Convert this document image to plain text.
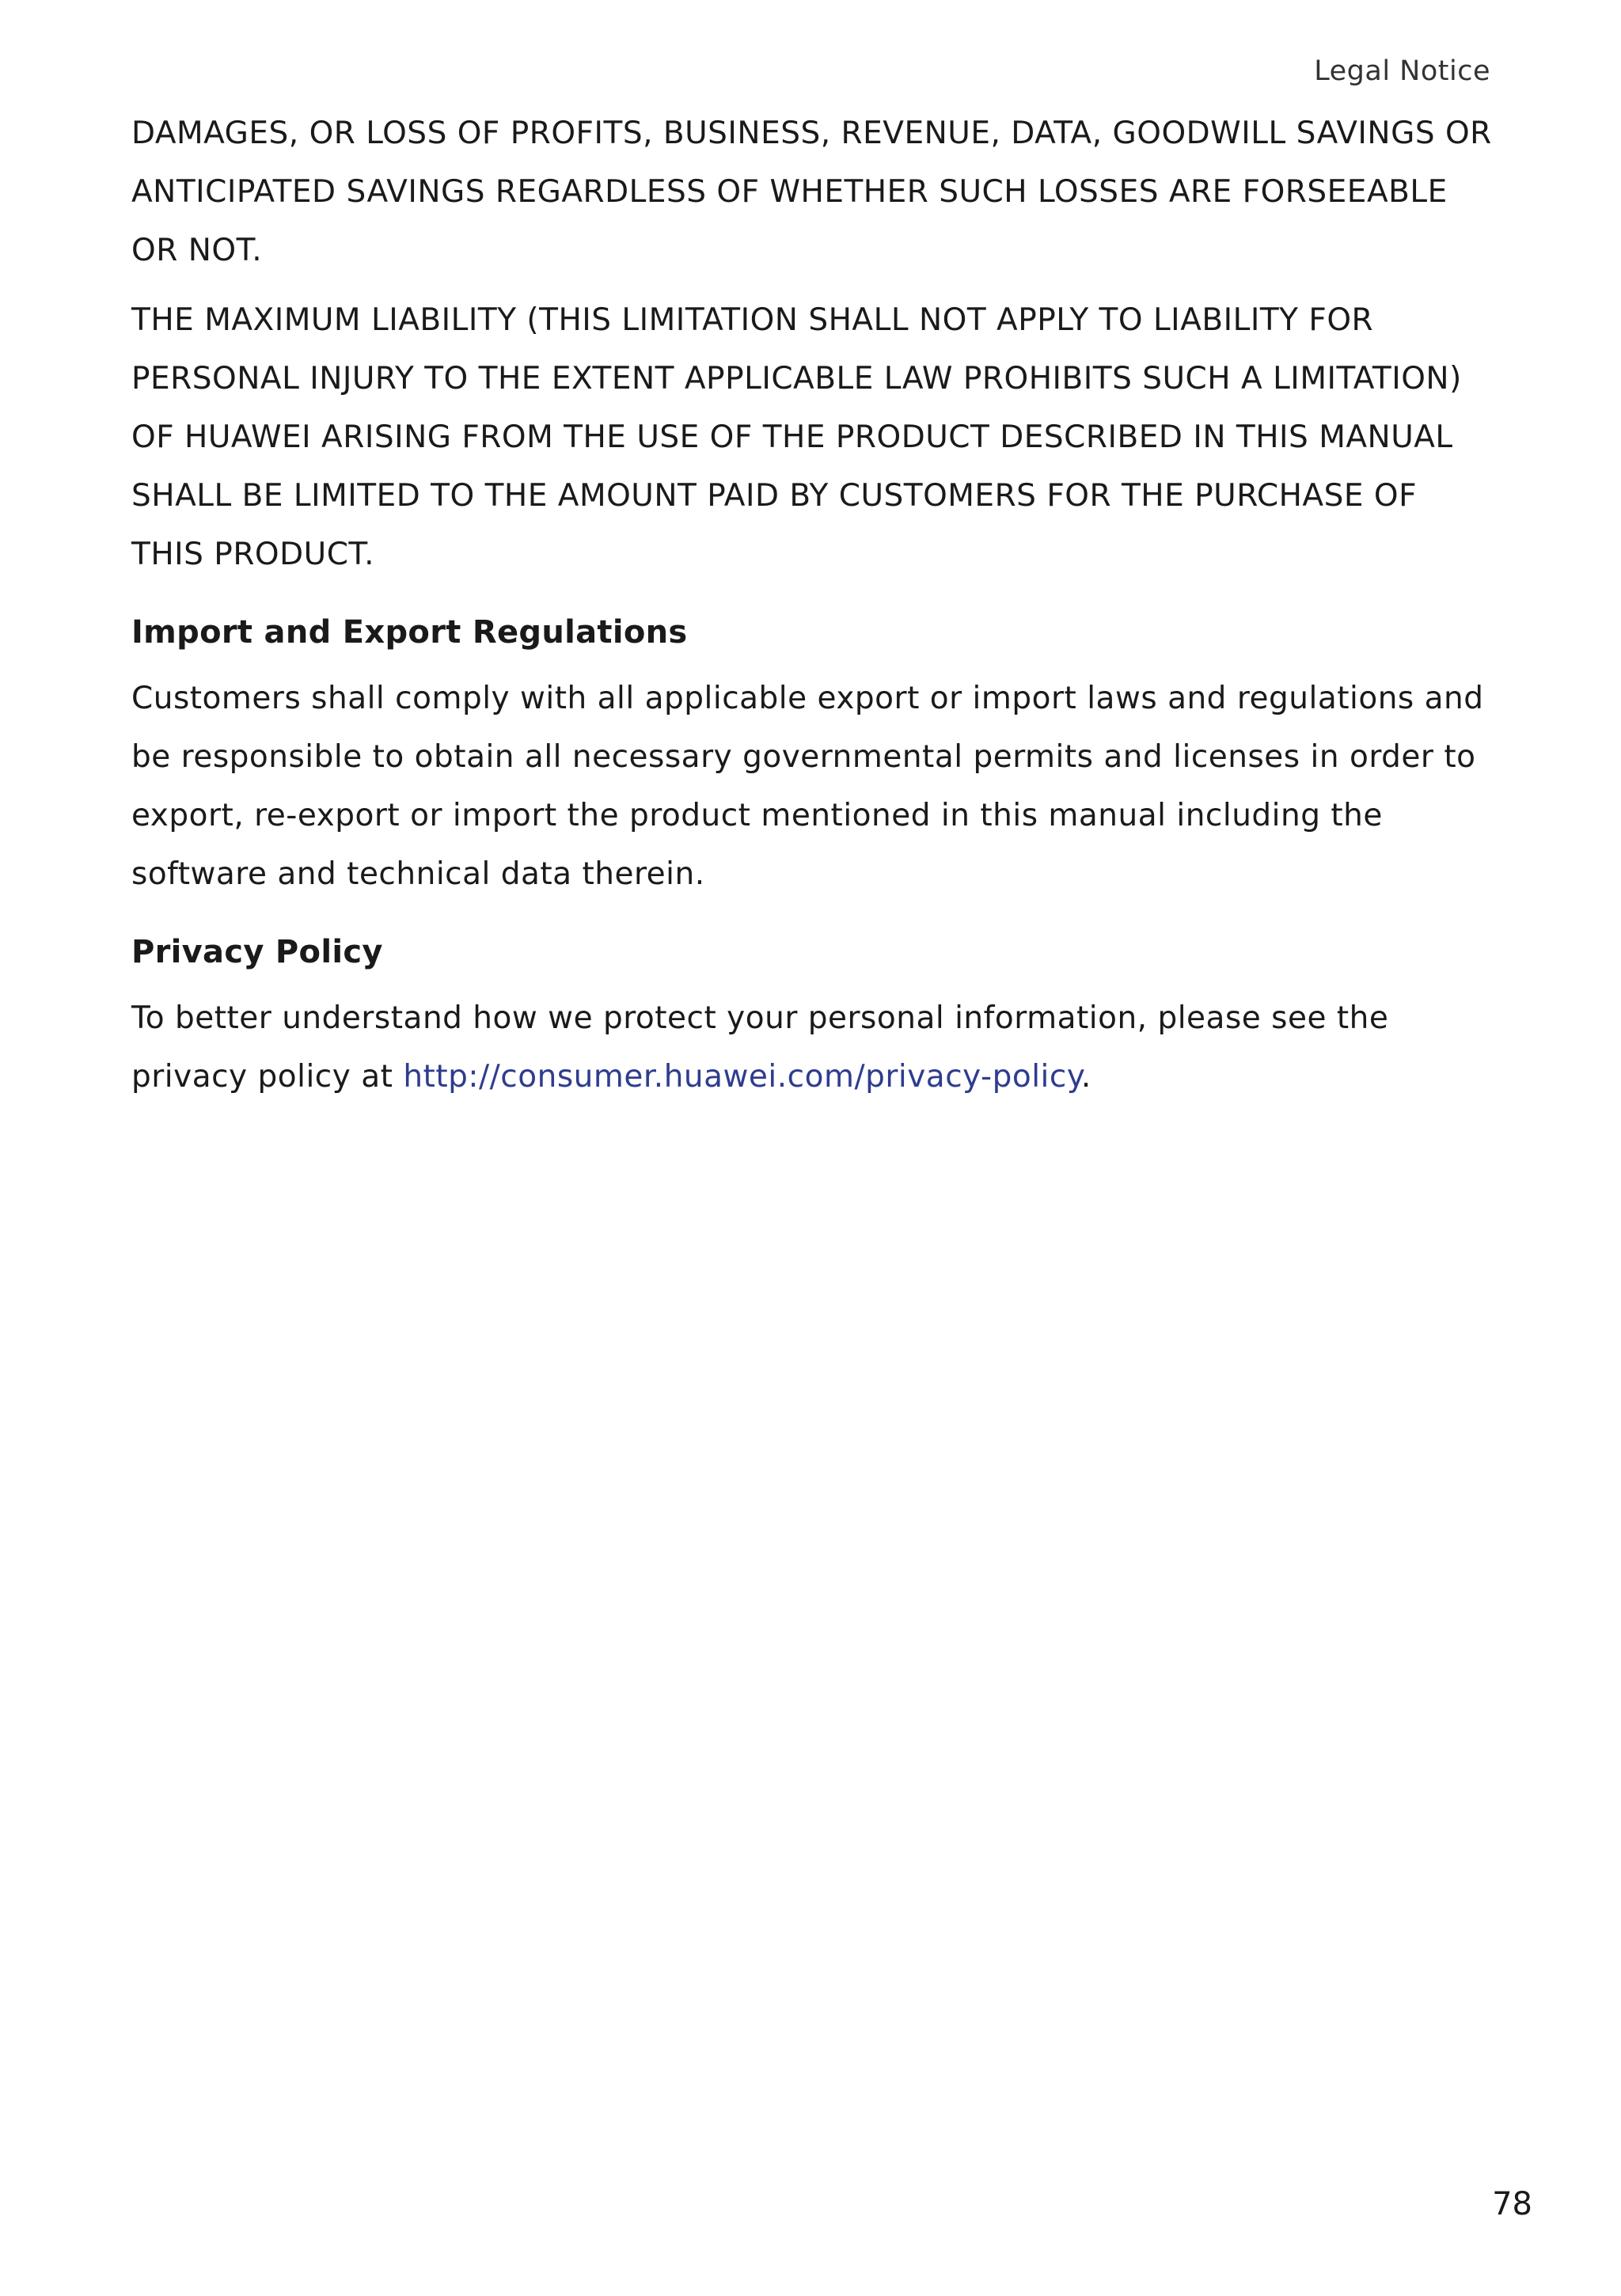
Legal Notice

DAMAGES, OR LOSS OF PROFITS, BUSINESS, REVENUE, DATA, GOODWILL SAVINGS OR ANTICIPATED SAVINGS REGARDLESS OF WHETHER SUCH LOSSES ARE FORSEEABLE OR NOT.

THE MAXIMUM LIABILITY (THIS LIMITATION SHALL NOT APPLY TO LIABILITY FOR PERSONAL INJURY TO THE EXTENT APPLICABLE LAW PROHIBITS SUCH A LIMITATION) OF HUAWEI ARISING FROM THE USE OF THE PRODUCT DESCRIBED IN THIS MANUAL SHALL BE LIMITED TO THE AMOUNT PAID BY CUSTOMERS FOR THE PURCHASE OF THIS PRODUCT.

Import and Export Regulations

Customers shall comply with all applicable export or import laws and regulations and be responsible to obtain all necessary governmental permits and licenses in order to export, re-export or import the product mentioned in this manual including the software and technical data therein.

Privacy Policy

To better understand how we protect your personal information, please see the privacy policy at http://consumer.huawei.com/privacy-policy.

78
